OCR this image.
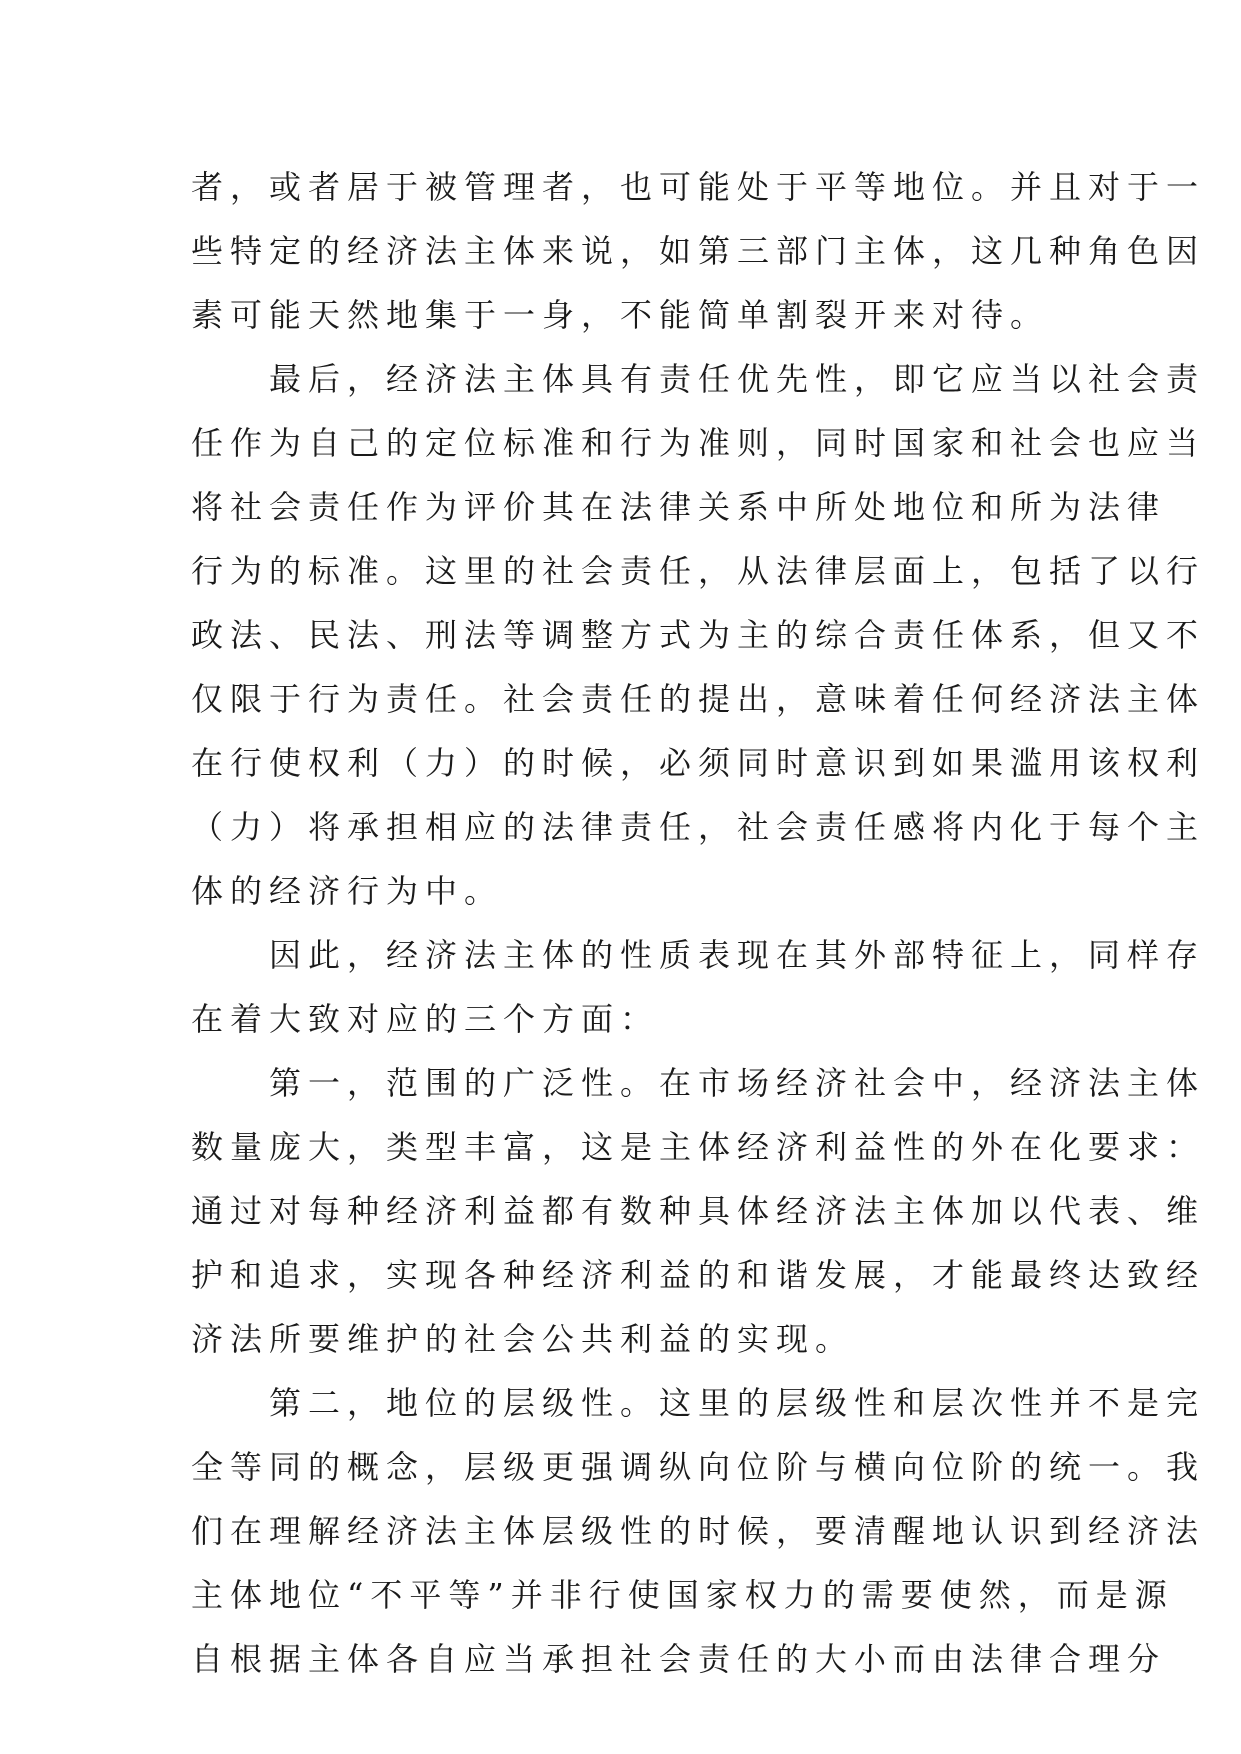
者，或者居于被管理者，也可能处于平等地位。并且对于一
些特定的经济法主体来说，如第三部门主体，这几种角色因
素可能天然地集于一身，不能简单割裂开来对待。
　　最后，经济法主体具有责任优先性，即它应当以社会责
任作为自己的定位标准和行为准则，同时国家和社会也应当
将社会责任作为评价其在法律关系中所处地位和所为法律
行为的标准。这里的社会责任，从法律层面上，包括了以行
政法、民法、刑法等调整方式为主的综合责任体系，但又不
仅限于行为责任。社会责任的提出，意味着任何经济法主体
在行使权利（力）的时候，必须同时意识到如果滥用该权利
（力）将承担相应的法律责任，社会责任感将内化于每个主
体的经济行为中。
　　因此，经济法主体的性质表现在其外部特征上，同样存
在着大致对应的三个方面：
　　第一，范围的广泛性。在市场经济社会中，经济法主体
数量庞大，类型丰富，这是主体经济利益性的外在化要求：
通过对每种经济利益都有数种具体经济法主体加以代表、维
护和追求，实现各种经济利益的和谐发展，才能最终达致经
济法所要维护的社会公共利益的实现。
　　第二，地位的层级性。这里的层级性和层次性并不是完
全等同的概念，层级更强调纵向位阶与横向位阶的统一。我
们在理解经济法主体层级性的时候，要清醒地认识到经济法
主体地位“不平等”并非行使国家权力的需要使然，而是源
自根据主体各自应当承担社会责任的大小而由法律合理分
